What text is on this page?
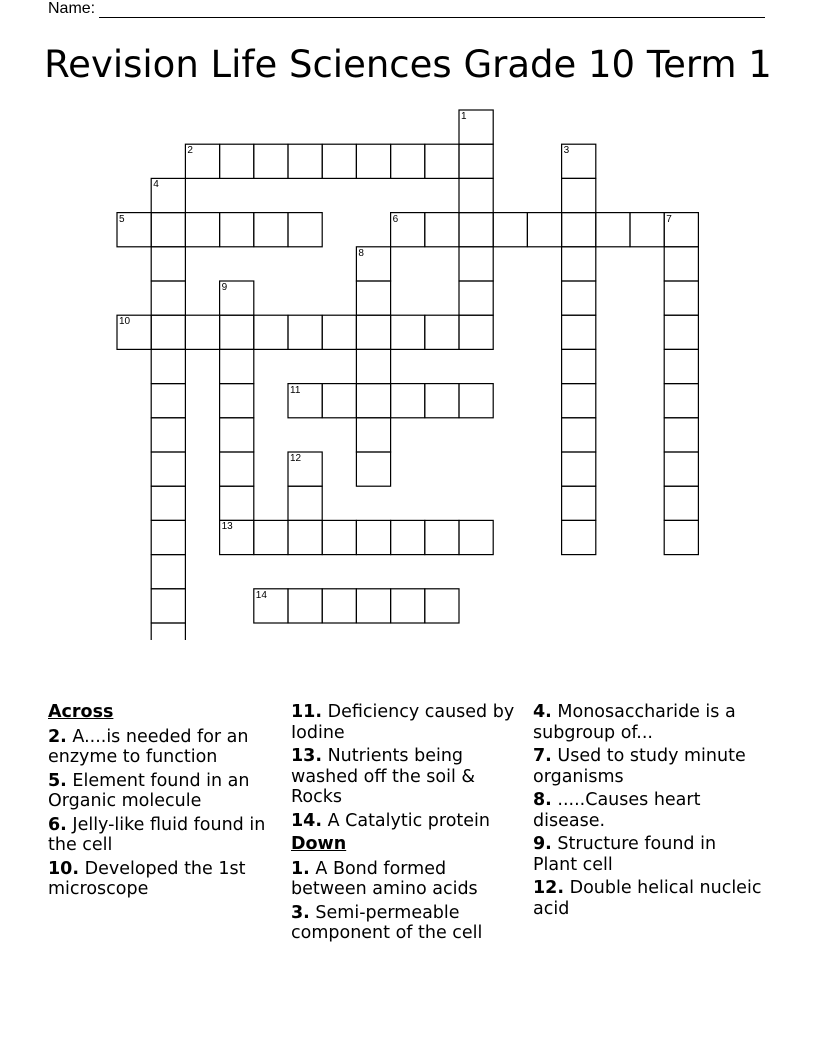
Name:
Revision Life Sciences Grade 10 Term 1
1
2	3
4
5	6	7
8
9
13
10
11
12
14
Across
2. A....is needed for an enzyme to function
5. Element found in an Organic molecule
6. Jelly-like fluid found in the cell
10. Developed the 1st microscope
11. Deficiency caused by Iodine
13. Nutrients being washed off the soil & Rocks
14. A Catalytic protein
Down
1. A Bond formed between amino acids
3. Semi-permeable component of the cell
4. Monosaccharide is a subgroup of...
7. Used to study minute organisms
8. .....Causes heart disease.
9. Structure found in Plant cell
12. Double helical nucleic acid
